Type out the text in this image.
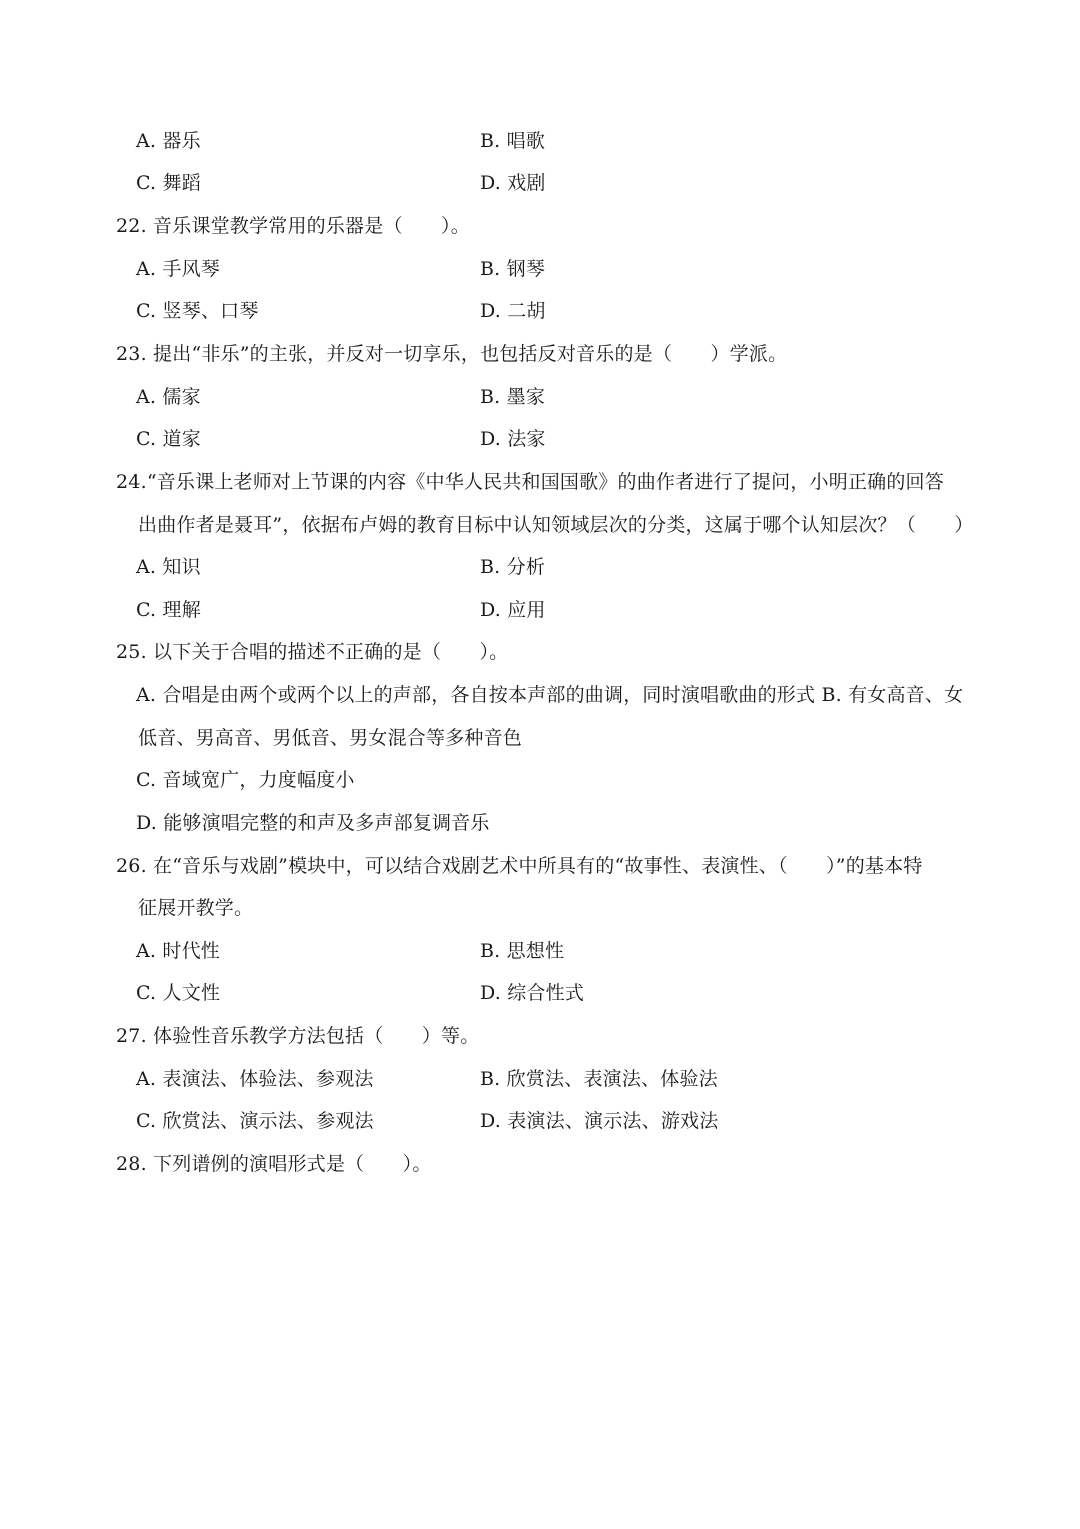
A. 器乐	B. 唱歌
C. 舞蹈	D. 戏剧
22. 音乐课堂教学常用的乐器是（　　）。
A. 手风琴	B. 钢琴
C. 竖琴、口琴	D. 二胡
23. 提出“非乐”的主张，并反对一切享乐，也包括反对音乐的是（　　）学派。
A. 儒家	B. 墨家
C. 道家	D. 法家
24.“音乐课上老师对上节课的内容《中华人民共和国国歌》的曲作者进行了提问，小明正确的回答
出曲作者是聂耳”，依据布卢姆的教育目标中认知领域层次的分类，这属于哪个认知层次？（　　）
A. 知识	B. 分析
C. 理解	D. 应用
25. 以下关于合唱的描述不正确的是（　　）。
A. 合唱是由两个或两个以上的声部，各自按本声部的曲调，同时演唱歌曲的形式 B. 有女高音、女
低音、男高音、男低音、男女混合等多种音色
C. 音域宽广，力度幅度小
D. 能够演唱完整的和声及多声部复调音乐
26. 在“音乐与戏剧”模块中，可以结合戏剧艺术中所具有的“故事性、表演性、（　　）”的基本特
征展开教学。
A. 时代性	B. 思想性
C. 人文性	D. 综合性式
27. 体验性音乐教学方法包括（　　）等。
A. 表演法、体验法、参观法	B. 欣赏法、表演法、体验法
C. 欣赏法、演示法、参观法	D. 表演法、演示法、游戏法
28. 下列谱例的演唱形式是（　　）。
